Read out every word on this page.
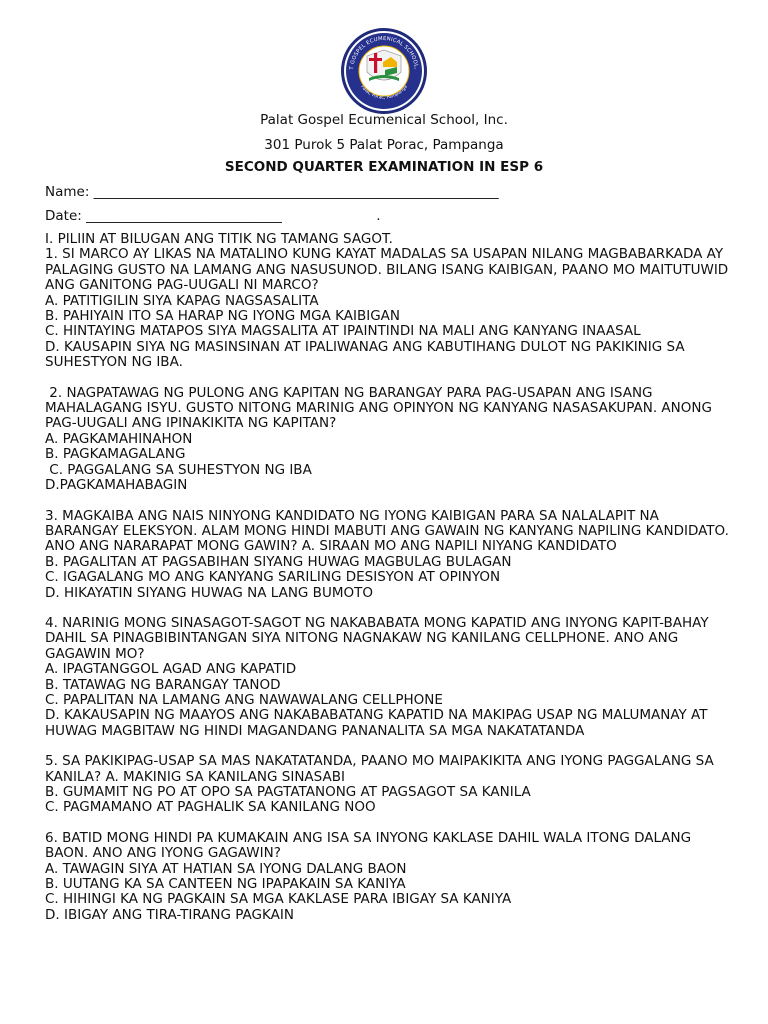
T GOSPEL ECUMENICAL SCHOOL,
Palat, Porac, Pampanga
Palat Gospel Ecumenical School, Inc.
301 Purok 5 Palat Porac, Pampanga
SECOND QUARTER EXAMINATION IN ESP 6
Name: ____________________________________________________________
Date: _____________________________                      .

I. PILIIN AT BILUGAN ANG TITIK NG TAMANG SAGOT.

1. SI MARCO AY LIKAS NA MATALINO KUNG KAYAT MADALAS SA USAPAN NILANG MAGBABARKADA AY PALAGING GUSTO NA LAMANG ANG NASUSUNOD. BILANG ISANG KAIBIGAN, PAANO MO MAITUTUWID ANG GANITONG PAG-UUGALI NI MARCO?
A. PATITIGILIN SIYA KAPAG NAGSASALITA
B. PAHIYAIN ITO SA HARAP NG IYONG MGA KAIBIGAN
C. HINTAYING MATAPOS SIYA MAGSALITA AT IPAINTINDI NA MALI ANG KANYANG INAASAL
D. KAUSAPIN SIYA NG MASINSINAN AT IPALIWANAG ANG KABUTIHANG DULOT NG PAKIKINIG SA SUHESTYON NG IBA.
2. NAGPATAWAG NG PULONG ANG KAPITAN NG BARANGAY PARA PAG-USAPAN ANG ISANG MAHALAGANG ISYU. GUSTO NITONG MARINIG ANG OPINYON NG KANYANG NASASAKUPAN. ANONG PAG-UUGALI ANG IPINAKIKITA NG KAPITAN?
A. PAGKAMAHINAHON
B. PAGKAMAGALANG
C. PAGGALANG SA SUHESTYON NG IBA
D.PAGKAMAHABAGIN
3. MAGKAIBA ANG NAIS NINYONG KANDIDATO NG IYONG KAIBIGAN PARA SA NALALAPIT NA BARANGAY ELEKSYON. ALAM MONG HINDI MABUTI ANG GAWAIN NG KANYANG NAPILING KANDIDATO. ANO ANG NARARAPAT MONG GAWIN? A. SIRAAN MO ANG NAPILI NIYANG KANDIDATO
B. PAGALITAN AT PAGSABIHAN SIYANG HUWAG MAGBULAG BULAGAN
C. IGAGALANG MO ANG KANYANG SARILING DESISYON AT OPINYON
D. HIKAYATIN SIYANG HUWAG NA LANG BUMOTO
4. NARINIG MONG SINASAGOT-SAGOT NG NAKABABATA MONG KAPATID ANG INYONG KAPIT-BAHAY DAHIL SA PINAGBIBINTANGAN SIYA NITONG NAGNAKAW NG KANILANG CELLPHONE. ANO ANG GAGAWIN MO?
A. IPAGTANGGOL AGAD ANG KAPATID
B. TATAWAG NG BARANGAY TANOD
C. PAPALITAN NA LAMANG ANG NAWAWALANG CELLPHONE
D. KAKAUSAPIN NG MAAYOS ANG NAKABABATANG KAPATID NA MAKIPAG USAP NG MALUMANAY AT HUWAG MAGBITAW NG HINDI MAGANDANG PANANALITA SA MGA NAKATATANDA
5. SA PAKIKIPAG-USAP SA MAS NAKATATANDA, PAANO MO MAIPAKIKITA ANG IYONG PAGGALANG SA KANILA? A. MAKINIG SA KANILANG SINASABI
B. GUMAMIT NG PO AT OPO SA PAGTATANONG AT PAGSAGOT SA KANILA
C. PAGMAMANO AT PAGHALIK SA KANILANG NOO
6. BATID MONG HINDI PA KUMAKAIN ANG ISA SA INYONG KAKLASE DAHIL WALA ITONG DALANG BAON. ANO ANG IYONG GAGAWIN?
A. TAWAGIN SIYA AT HATIAN SA IYONG DALANG BAON
B. UUTANG KA SA CANTEEN NG IPAPAKAIN SA KANIYA
C. HIHINGI KA NG PAGKAIN SA MGA KAKLASE PARA IBIGAY SA KANIYA
D. IBIGAY ANG TIRA-TIRANG PAGKAIN
